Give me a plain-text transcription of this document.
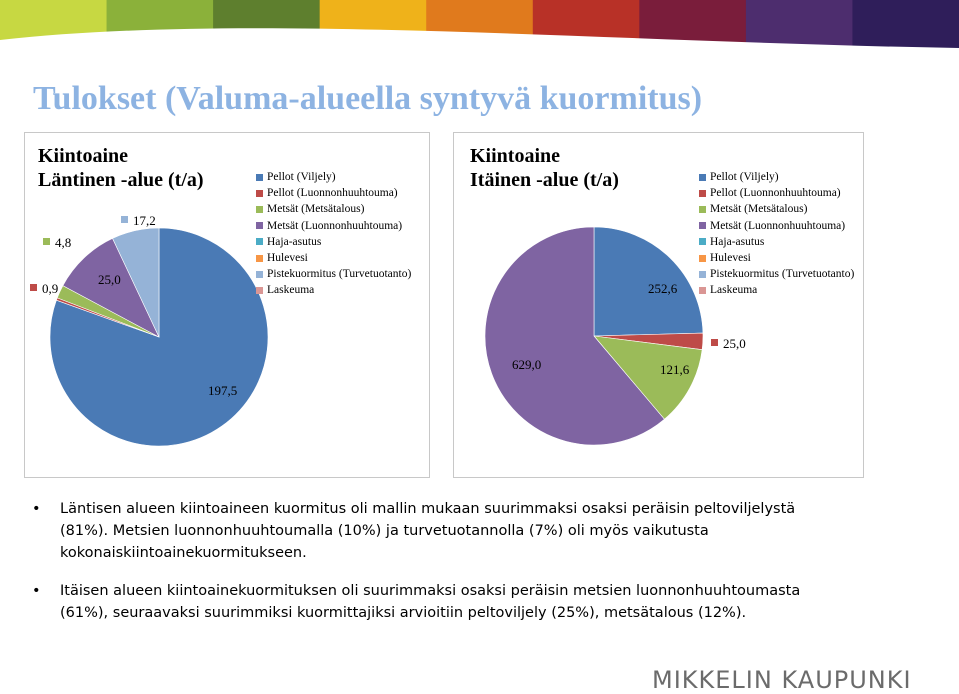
Tulokset (Valuma-alueella syntyvä kuormitus)
Kiintoaine
Läntinen -alue (t/a)
197,5
0,9
4,8
25,0
17,2
Pellot (Viljely)
Pellot (Luonnonhuuhtouma)
Metsät (Metsätalous)
Metsät (Luonnonhuuhtouma)
Haja-asutus
Hulevesi
Pistekuormitus (Turvetuotanto)
Laskeuma
Kiintoaine
Itäinen -alue (t/a)
252,6
25,0
121,6
629,0
Pellot (Viljely)
Pellot (Luonnonhuuhtouma)
Metsät (Metsätalous)
Metsät (Luonnonhuuhtouma)
Haja-asutus
Hulevesi
Pistekuormitus (Turvetuotanto)
Laskeuma
• Läntisen alueen kiintoaineen kuormitus oli mallin mukaan suurimmaksi osaksi peräisin peltoviljelystä (81%). Metsien luonnonhuuhtoumalla (10%) ja turvetuotannolla (7%) oli myös vaikutusta kokonaiskiintoainekuormitukseen.
• Itäisen alueen kiintoainekuormituksen oli suurimmaksi osaksi peräisin metsien luonnonhuuhtoumasta (61%), seuraavaksi suurimmiksi kuormittajiksi arvioitiin peltoviljely (25%), metsätalous (12%).
MIKKELIN KAUPUNKI
